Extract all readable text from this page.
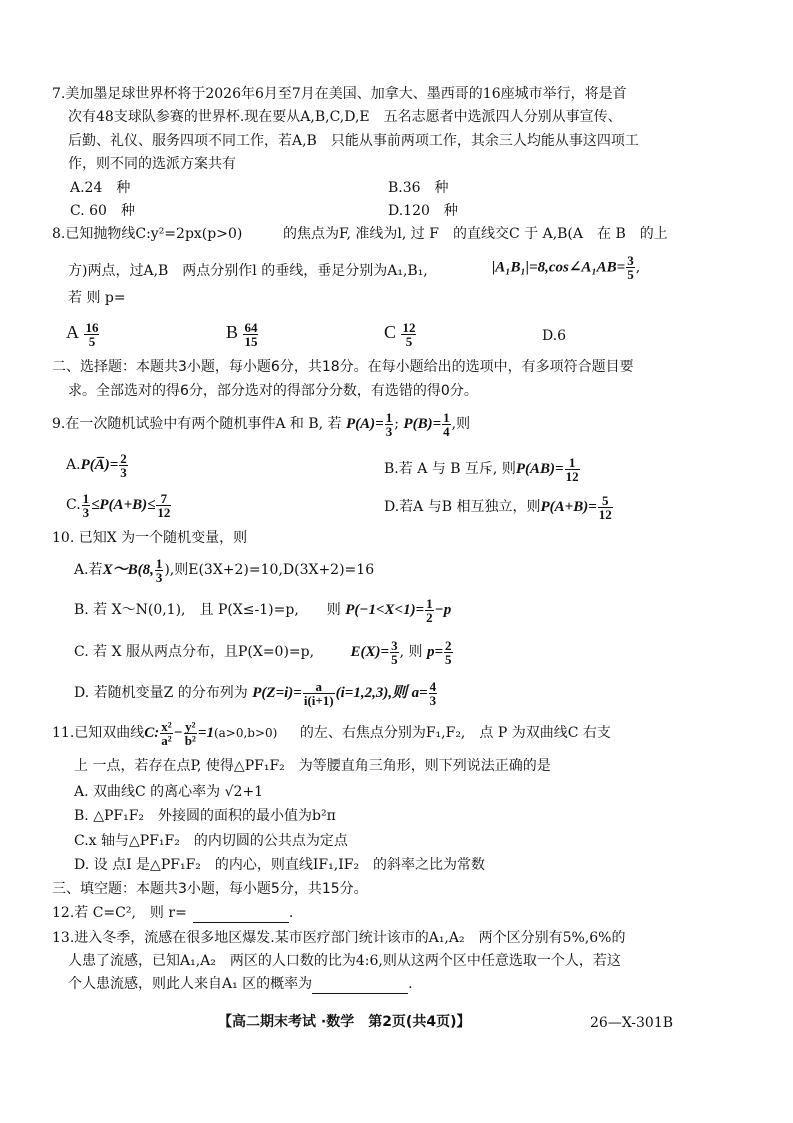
7.美加墨足球世界杯将于2026年6月至7月在美国、加拿大、墨西哥的16座城市举行，将是首
次有48支球队参赛的世界杯.现在要从A,B,C,D,E　五名志愿者中选派四人分别从事宣传、
后勤、礼仪、服务四项不同工作，若A,B　只能从事前两项工作，其余三人均能从事这四项工
作，则不同的选派方案共有
A.24　种	B.36　种
C. 60　种	D.120　种
8.已知抛物线C:y²=2px(p>0)	的焦点为F, 准线为l, 过 F　的直线交C 于 A,B(A　在 B　的上
方)两点，过A,B　两点分别作l 的垂线，垂足分别为A₁,B₁,	|A₁B₁|=8,cos∠A₁AB= $\frac{3}{5}$ ,
若 则 p=
A $\frac{16}{5}$	B $\frac{64}{15}$	C $\frac{12}{5}$	D.6
二、选择题：本题共3小题，每小题6分，共18分。在每小题给出的选项中，有多项符合题目要
求。全部选对的得6分，部分选对的得部分分数，有选错的得0分。
9.在一次随机试验中有两个随机事件A 和 B, 若 $P(A)= \frac{1}{3}$ ; $P(B)= \frac{1}{4}$ ,则
A.P(A̅)= $\frac{2}{3}$	B.若 A 与 B 互斥, 则$P(AB)= \frac{1}{12}$
C. $\frac{1}{3} \le P(A+B)\le \frac{7}{12}$	D.若A 与B 相互独立，则$P(A+B)= \frac{5}{12}$
10. 已知X 为一个随机变量，则
A.若X～B(8, $\frac{1}{3}$ ),则E(3X+2)=10,D(3X+2)=16
B. 若 X～N(0,1),　且 P(X≤-1)=p, 则 $P(-1<X<1)= \frac{1}{2} -p$
C. 若 X 服从两点分布，且P(X=0)=p, $E(X)= \frac{3}{5}$ , 则 $p= \frac{2}{5}$
D. 若随机变量Z 的分布列为 $P(Z=i)= \frac{a}{i(i+1)} (i=1,2,3)$,则 $a= \frac{4}{3}$
11.已知双曲线C: $\frac{\text{x²}}{\text{a²}} - \frac{\text{y²}}{\text{b²}} =1(a>0,b>0)$ 的左、右焦点分别为F₁,F₂,　点 P 为双曲线C 右支
上 一点，若存在点P, 使得△PF₁F₂　为等腰直角三角形，则下列说法正确的是
A. 双曲线C 的离心率为 √2+1
B. △PF₁F₂　外接圆的面积的最小值为b²π
C.x 轴与△PF₁F₂　的内切圆的公共点为定点
D. 设 点I 是△PF₁F₂　的内心，则直线IF₁,IF₂　的斜率之比为常数
三、填空题：本题共3小题，每小题5分，共15分。
12.若 C=C²,　则 r=	.
13.进入冬季，流感在很多地区爆发.某市医疗部门统计该市的A₁,A₂　两个区分别有5%,6%的
人患了流感，已知A₁,A₂　两区的人口数的比为4:6,则从这两个区中任意选取一个人，若这
个人患流感，则此人来自A₁ 区的概率为	.
【高二期末考试 ·数学　第2页(共4页)】	26—X-301B
